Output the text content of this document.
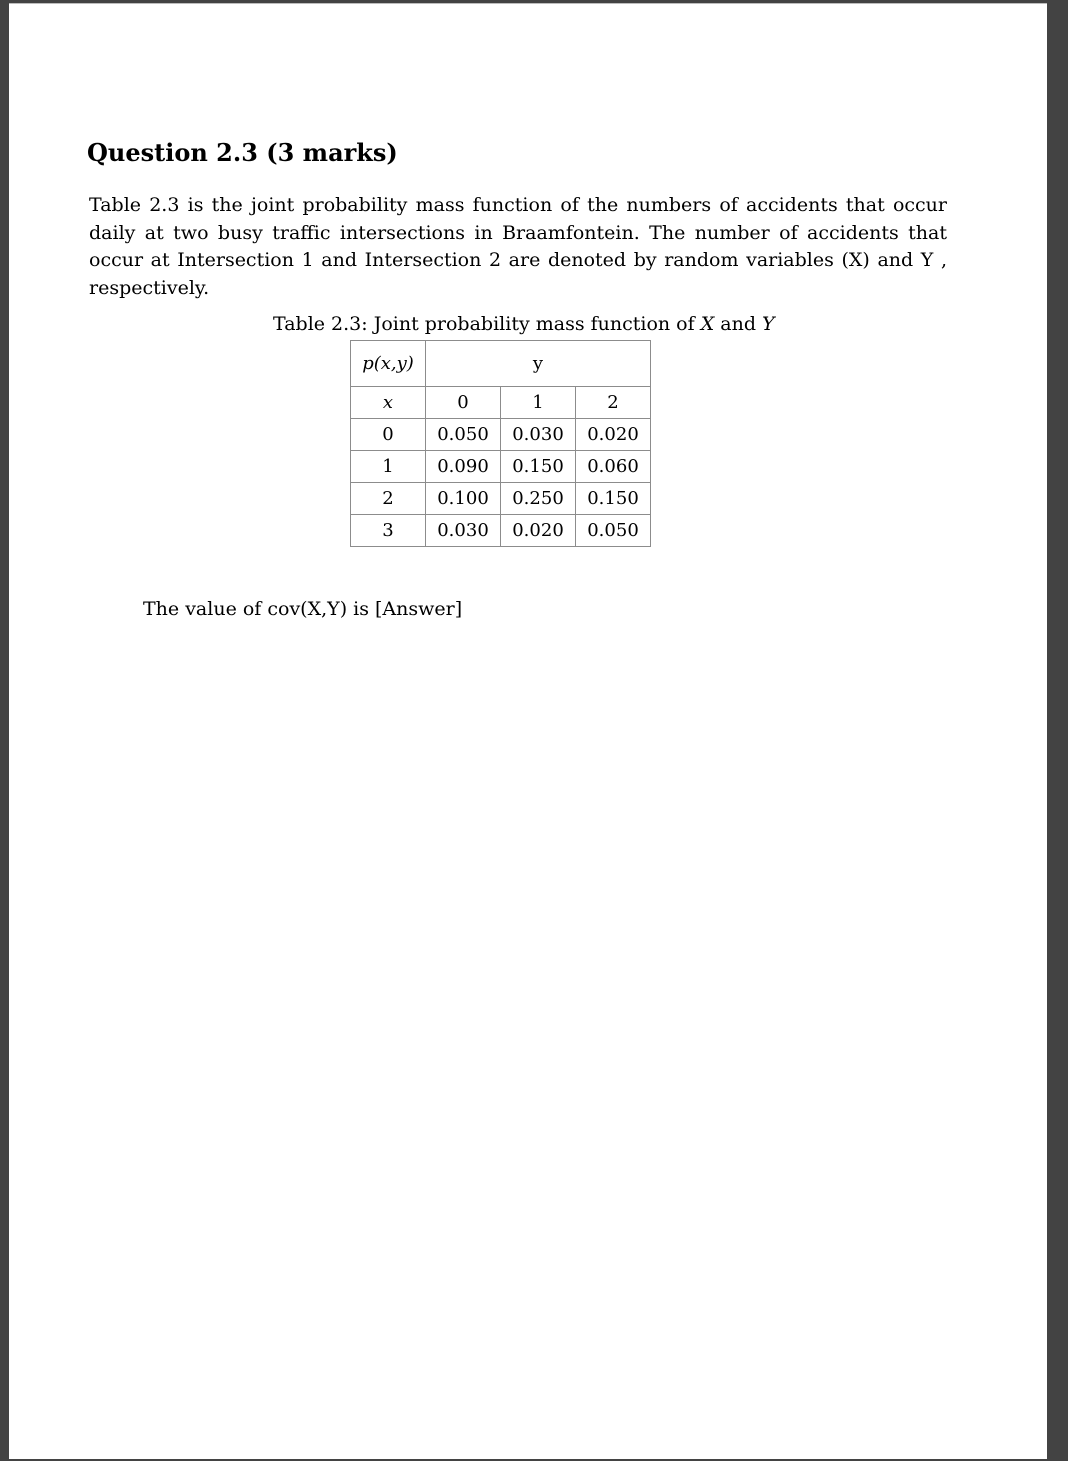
Question 2.3 (3 marks)

Table 2.3 is the joint probability mass function of the numbers of accidents that occur daily at two busy traffic intersections in Braamfontein. The number of accidents that occur at Intersection 1 and Intersection 2 are denoted by random variables (X) and Y , respectively.

Table 2.3: Joint probability mass function of X and Y
p(x,y)	y		
x	0	1	2
0	0.050	0.030	0.020
1	0.090	0.150	0.060
2	0.100	0.250	0.150
3	0.030	0.020	0.050
The value of cov(X,Y) is [Answer]
